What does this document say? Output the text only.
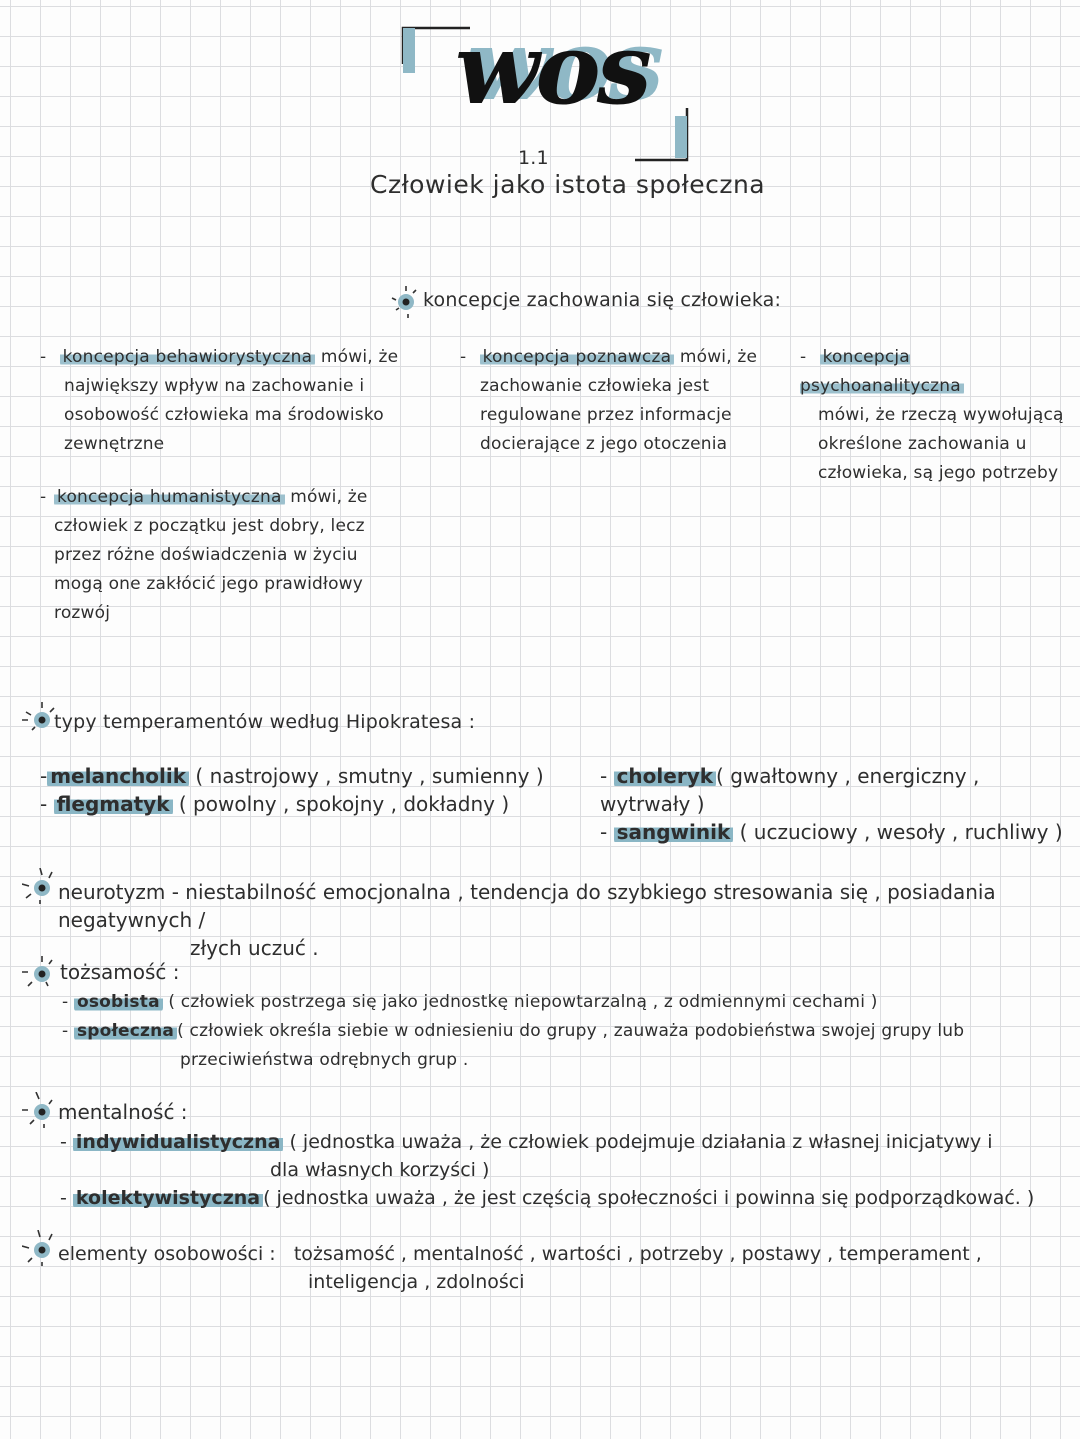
wos
1.1
Człowiek jako istota społeczna
koncepcje zachowania się człowieka:
- koncepcja behawiorystyczna mówi, że
największy wpływ na zachowanie i
osobowość człowieka ma środowisko
zewnętrzne
- koncepcja poznawcza mówi, że
zachowanie człowieka jest
regulowane przez informacje
docierające z jego otoczenia
- koncepcja psychoanalityczna
mówi, że rzeczą wywołującą
określone zachowania u
człowieka, są jego potrzeby
- koncepcja humanistyczna mówi, że
człowiek z początku jest dobry, lecz
przez różne doświadczenia w życiu
mogą one zakłócić jego prawidłowy
rozwój
typy temperamentów według Hipokratesa :
- melancholik ( nastrojowy , smutny , sumienny )
- flegmatyk ( powolny , spokojny , dokładny )
- choleryk ( gwałtowny , energiczny , wytrwały )
- sangwinik ( uczuciowy , wesoły , ruchliwy )
neurotyzm - niestabilność emocjonalna , tendencja do szybkiego stresowania się , posiadania negatywnych /
złych uczuć .
tożsamość :
- osobista ( człowiek postrzega się jako jednostkę niepowtarzalną , z odmiennymi cechami )
- społeczna ( człowiek określa siebie w odniesieniu do grupy , zauważa podobieństwa swojej grupy lub
przeciwieństwa odrębnych grup .
mentalność :
- indywidualistyczna ( jednostka uważa , że człowiek podejmuje działania z własnej inicjatywy i
dla własnych korzyści )
- kolektywistyczna ( jednostka uważa , że jest częścią społeczności i powinna się podporządkować. )
elementy osobowości : tożsamość , mentalność , wartości , potrzeby , postawy , temperament ,
inteligencja , zdolności
